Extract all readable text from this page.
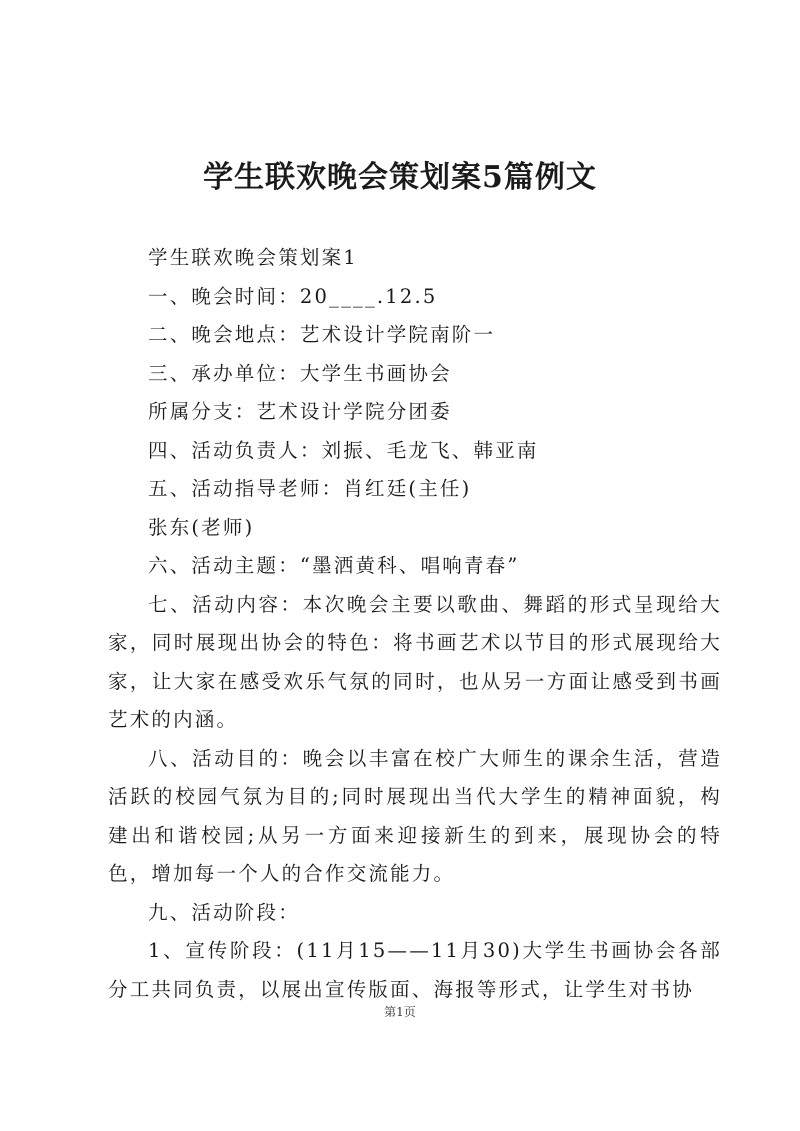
学生联欢晚会策划案5篇例文
学生联欢晚会策划案1
一、晚会时间：20____.12.5
二、晚会地点：艺术设计学院南阶一
三、承办单位：大学生书画协会
所属分支：艺术设计学院分团委
四、活动负责人：刘振、毛龙飞、韩亚南
五、活动指导老师：肖红廷(主任)
张东(老师)
六、活动主题：“墨洒黄科、唱响青春”
七、活动内容：本次晚会主要以歌曲、舞蹈的形式呈现给大家，同时展现出协会的特色：将书画艺术以节目的形式展现给大家，让大家在感受欢乐气氛的同时，也从另一方面让感受到书画艺术的内涵。
八、活动目的：晚会以丰富在校广大师生的课余生活，营造活跃的校园气氛为目的;同时展现出当代大学生的精神面貌，构建出和谐校园;从另一方面来迎接新生的到来，展现协会的特色，增加每一个人的合作交流能力。
九、活动阶段：
1、宣传阶段：(11月15——11月30)大学生书画协会各部分工共同负责，以展出宣传版面、海报等形式，让学生对书协
第1页
